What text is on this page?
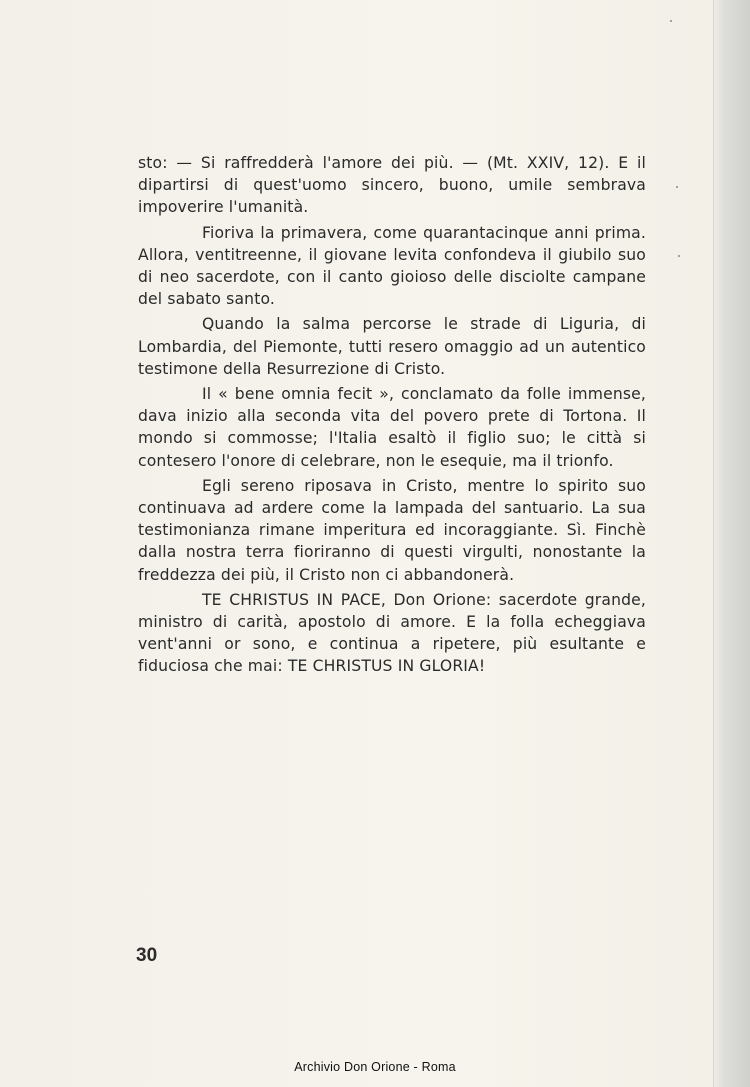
sto: — Si raffredderà l'amore dei più. — (Mt. XXIV, 12). E il dipartirsi di quest'uomo sincero, buono, umile sembrava impoverire l'umanità.

Fioriva la primavera, come quarantacinque anni prima. Allora, ventitreenne, il giovane levita confondeva il giubilo suo di neo sacerdote, con il canto gioioso delle disciolte campane del sabato santo.

Quando la salma percorse le strade di Liguria, di Lombardia, del Piemonte, tutti resero omaggio ad un autentico testimone della Resurrezione di Cristo.

Il « bene omnia fecit », conclamato da folle immense, dava inizio alla seconda vita del povero prete di Tortona. Il mondo si commosse; l'Italia esaltò il figlio suo; le città si contesero l'onore di celebrare, non le esequie, ma il trionfo.

Egli sereno riposava in Cristo, mentre lo spirito suo continuava ad ardere come la lampada del santuario. La sua testimonianza rimane imperitura ed incoraggiante. Sì. Finchè dalla nostra terra fioriranno di questi virgulti, nonostante la freddezza dei più, il Cristo non ci abbandonerà.

TE CHRISTUS IN PACE, Don Orione: sacerdote grande, ministro di carità, apostolo di amore. E la folla echeggiava vent'anni or sono, e continua a ripetere, più esultante e fiduciosa che mai: TE CHRISTUS IN GLORIA!

30
Archivio Don Orione - Roma
